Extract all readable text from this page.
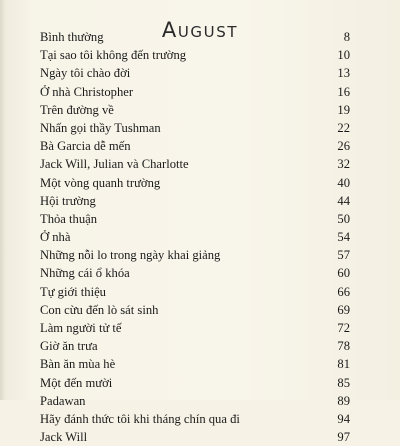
August
Bình thường	8
Tại sao tôi không đến trường	10
Ngày tôi chào đời	13
Ở nhà Christopher	16
Trên đường về	19
Nhấn gọi thầy Tushman	22
Bà Garcia dễ mến	26
Jack Will, Julian và Charlotte	32
Một vòng quanh trường	40
Hội trường	44
Thỏa thuận	50
Ở nhà	54
Những nỗi lo trong ngày khai giảng	57
Những cái ổ khóa	60
Tự giới thiệu	66
Con cừu đến lò sát sinh	69
Làm người tử tế	72
Giờ ăn trưa	78
Bàn ăn mùa hè	81
Một đến mười	85
Padawan	89
Hãy đánh thức tôi khi tháng chín qua đi	94
Jack Will	97
